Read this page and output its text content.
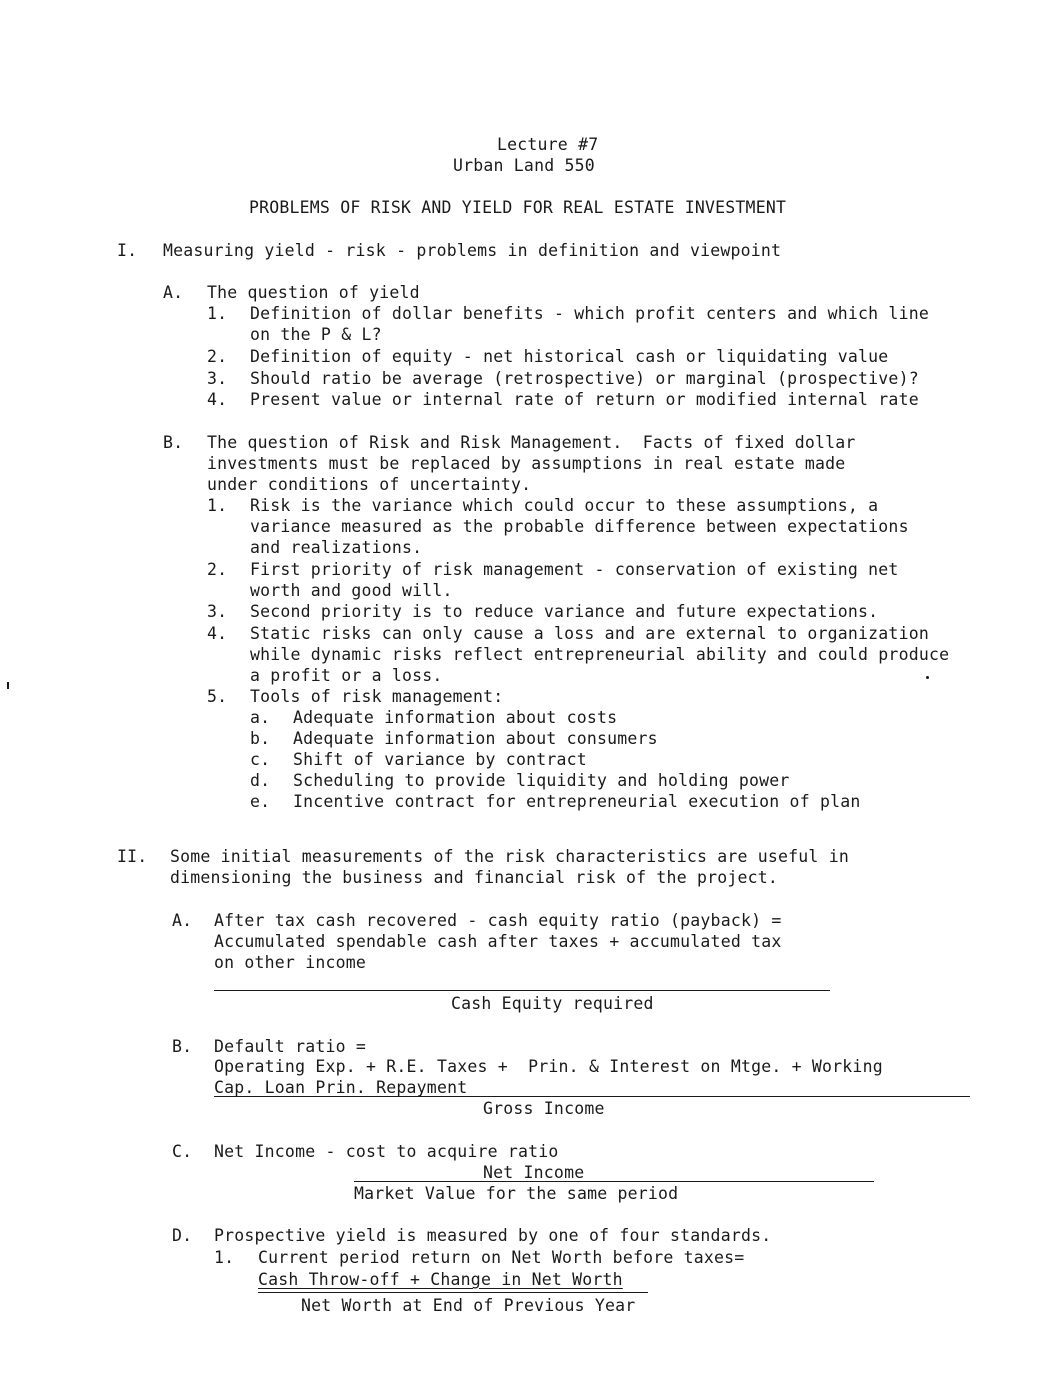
Lecture #7
Urban Land 550
PROBLEMS OF RISK AND YIELD FOR REAL ESTATE INVESTMENT
I. Measuring yield - risk - problems in definition and viewpoint
A. The question of yield
1. Definition of dollar benefits - which profit centers and which line
on the P & L?
2. Definition of equity - net historical cash or liquidating value
3. Should ratio be average (retrospective) or marginal (prospective)?
4. Present value or internal rate of return or modified internal rate
B. The question of Risk and Risk Management.  Facts of fixed dollar
investments must be replaced by assumptions in real estate made
under conditions of uncertainty.
1. Risk is the variance which could occur to these assumptions, a
variance measured as the probable difference between expectations
and realizations.
2. First priority of risk management - conservation of existing net
worth and good will.
3. Second priority is to reduce variance and future expectations.
4. Static risks can only cause a loss and are external to organization
while dynamic risks reflect entrepreneurial ability and could produce
a profit or a loss.
5. Tools of risk management:
a. Adequate information about costs
b. Adequate information about consumers
c. Shift of variance by contract
d. Scheduling to provide liquidity and holding power
e. Incentive contract for entrepreneurial execution of plan
II. Some initial measurements of the risk characteristics are useful in
dimensioning the business and financial risk of the project.
A. After tax cash recovered - cash equity ratio (payback) =
Accumulated spendable cash after taxes + accumulated tax
on other income
Cash Equity required
B. Default ratio =
Operating Exp. + R.E. Taxes +  Prin. & Interest on Mtge. + Working
Cap. Loan Prin. Repayment
Gross Income
C. Net Income - cost to acquire ratio
Net Income
Market Value for the same period
D. Prospective yield is measured by one of four standards.
1. Current period return on Net Worth before taxes=
Cash Throw-off + Change in Net Worth
Net Worth at End of Previous Year
